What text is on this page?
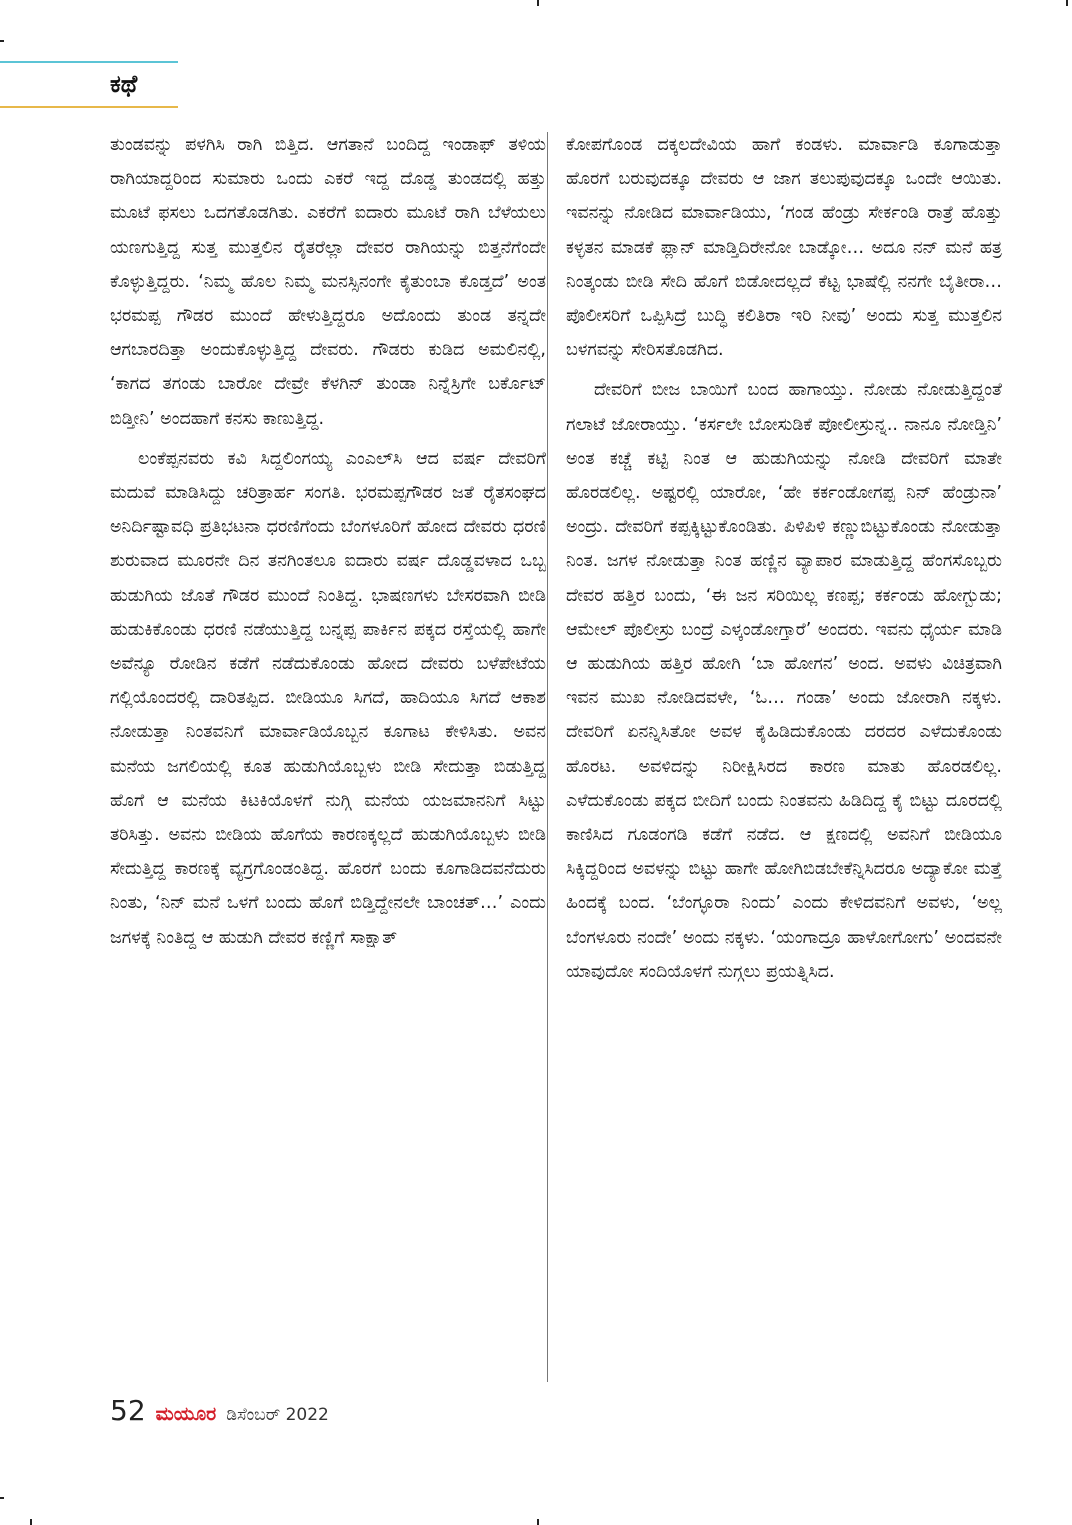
ಕಥೆ

ತುಂಡವನ್ನು ಪಳಗಿಸಿ ರಾಗಿ ಬಿತ್ತಿದ. ಆಗತಾನೆ ಬಂದಿದ್ದ ಇಂಡಾಫ್ ತಳಿಯ ರಾಗಿಯಾದ್ದರಿಂದ ಸುಮಾರು ಒಂದು ಎಕರೆ ಇದ್ದ ದೊಡ್ಡ ತುಂಡದಲ್ಲಿ ಹತ್ತು ಮೂಟೆ ಫಸಲು ಒದಗತೊಡಗಿತು. ಎಕರೆಗೆ ಐದಾರು ಮೂಟೆ ರಾಗಿ ಬೆಳೆಯಲು ಯಣಗುತ್ತಿದ್ದ ಸುತ್ತ ಮುತ್ತಲಿನ ರೈತರೆಲ್ಲಾ ದೇವರ ರಾಗಿಯನ್ನು ಬಿತ್ತನೆಗೆಂದೇ ಕೊಳ್ಳುತ್ತಿದ್ದರು. ‘ನಿಮ್ಮ ಹೊಲ ನಿಮ್ಮ ಮನಸ್ಸಿನಂಗೇ ಕೈತುಂಬಾ ಕೊಡ್ತದೆ’ ಅಂತ ಭರಮಪ್ಪ ಗೌಡರ ಮುಂದೆ ಹೇಳುತ್ತಿದ್ದರೂ ಅದೊಂದು ತುಂಡ ತನ್ನದೇ ಆಗಬಾರದಿತ್ತಾ ಅಂದುಕೊಳ್ಳುತ್ತಿದ್ದ ದೇವರು. ಗೌಡರು ಕುಡಿದ ಅಮಲಿನಲ್ಲಿ, ‘ಕಾಗದ ತಗಂಡು ಬಾರೋ ದೇವ್ರೇ ಕೆಳಗಿನ್ ತುಂಡಾ ನಿನ್ನೆಸ್ರಿಗೇ ಬರ್ಕೊಟ್ ಬಿಡ್ತೀನಿ’ ಅಂದಹಾಗೆ ಕನಸು ಕಾಣುತ್ತಿದ್ದ.

ಲಂಕೆಪ್ಪನವರು ಕವಿ ಸಿದ್ದಲಿಂಗಯ್ಯ ಎಂಎಲ್‌ಸಿ ಆದ ವರ್ಷ ದೇವರಿಗೆ ಮದುವೆ ಮಾಡಿಸಿದ್ದು ಚರಿತ್ರಾರ್ಹ ಸಂಗತಿ. ಭರಮಪ್ಪಗೌಡರ ಜತೆ ರೈತಸಂಘದ ಅನಿರ್ದಿಷ್ಟಾವಧಿ ಪ್ರತಿಭಟನಾ ಧರಣಿಗೆಂದು ಬೆಂಗಳೂರಿಗೆ ಹೋದ ದೇವರು ಧರಣಿ ಶುರುವಾದ ಮೂರನೇ ದಿನ ತನಗಿಂತಲೂ ಐದಾರು ವರ್ಷ ದೊಡ್ಡವಳಾದ ಒಬ್ಬ ಹುಡುಗಿಯ ಜೊತೆ ಗೌಡರ ಮುಂದೆ ನಿಂತಿದ್ದ. ಭಾಷಣಗಳು ಬೇಸರವಾಗಿ ಬೀಡಿ ಹುಡುಕಿಕೊಂಡು ಧರಣಿ ನಡೆಯುತ್ತಿದ್ದ ಬನ್ನಪ್ಪ ಪಾರ್ಕಿನ ಪಕ್ಕದ ರಸ್ತೆಯಲ್ಲಿ ಹಾಗೇ ಅವೆನ್ಯೂ ರೋಡಿನ ಕಡೆಗೆ ನಡೆದುಕೊಂಡು ಹೋದ ದೇವರು ಬಳೆಪೇಟೆಯ ಗಲ್ಲಿಯೊಂದರಲ್ಲಿ ದಾರಿತಪ್ಪಿದ. ಬೀಡಿಯೂ ಸಿಗದೆ, ಹಾದಿಯೂ ಸಿಗದೆ ಆಕಾಶ ನೋಡುತ್ತಾ ನಿಂತವನಿಗೆ ಮಾರ್ವಾಡಿಯೊಬ್ಬನ ಕೂಗಾಟ ಕೇಳಿಸಿತು. ಅವನ ಮನೆಯ ಜಗಲಿಯಲ್ಲಿ ಕೂತ ಹುಡುಗಿಯೊಬ್ಬಳು ಬೀಡಿ ಸೇದುತ್ತಾ ಬಿಡುತ್ತಿದ್ದ ಹೊಗೆ ಆ ಮನೆಯ ಕಿಟಕಿಯೊಳಗೆ ನುಗ್ಗಿ ಮನೆಯ ಯಜಮಾನನಿಗೆ ಸಿಟ್ಟು ತರಿಸಿತ್ತು. ಅವನು ಬೀಡಿಯ ಹೊಗೆಯ ಕಾರಣಕ್ಕಲ್ಲದೆ ಹುಡುಗಿಯೊಬ್ಬಳು ಬೀಡಿ ಸೇದುತ್ತಿದ್ದ ಕಾರಣಕ್ಕೆ ವ್ಯಗ್ರಗೊಂಡಂತಿದ್ದ. ಹೊರಗೆ ಬಂದು ಕೂಗಾಡಿದವನೆದುರು ನಿಂತು, ‘ನಿನ್ ಮನೆ ಒಳಗೆ ಬಂದು ಹೊಗೆ ಬಿಡ್ತಿದ್ದೇನಲೇ ಬಾಂಚತ್…’ ಎಂದು ಜಗಳಕ್ಕೆ ನಿಂತಿದ್ದ ಆ ಹುಡುಗಿ ದೇವರ ಕಣ್ಣಿಗೆ ಸಾಕ್ಷಾತ್

ಕೋಪಗೊಂಡ ದಕ್ಕಲದೇವಿಯ ಹಾಗೆ ಕಂಡಳು. ಮಾರ್ವಾಡಿ ಕೂಗಾಡುತ್ತಾ ಹೊರಗೆ ಬರುವುದಕ್ಕೂ ದೇವರು ಆ ಜಾಗ ತಲುಪುವುದಕ್ಕೂ ಒಂದೇ ಆಯಿತು. ಇವನನ್ನು ನೋಡಿದ ಮಾರ್ವಾಡಿಯು, ‘ಗಂಡ ಹೆಂಡ್ರು ಸೇರ್ಕಂಡಿ ರಾತ್ರೆ ಹೊತ್ತು ಕಳ್ಳತನ ಮಾಡಕೆ ಪ್ಲಾನ್ ಮಾಡ್ತಿದಿರೇನೋ ಬಾಡ್ಕೋ… ಅದೂ ನನ್ ಮನೆ ಹತ್ರ ನಿಂತ್ಕಂಡು ಬೀಡಿ ಸೇದಿ ಹೊಗೆ ಬಿಡೋದಲ್ಲದೆ ಕೆಟ್ಟ ಭಾಷೆಲ್ಲಿ ನನಗೇ ಬೈತೀರಾ… ಪೊಲೀಸರಿಗೆ ಒಪ್ಪಿಸಿದ್ರೆ ಬುದ್ಧಿ ಕಲಿತಿರಾ ಇರಿ ನೀವು’ ಅಂದು ಸುತ್ತ ಮುತ್ತಲಿನ ಬಳಗವನ್ನು ಸೇರಿಸತೊಡಗಿದ.

ದೇವರಿಗೆ ಬೀಜ ಬಾಯಿಗೆ ಬಂದ ಹಾಗಾಯ್ತು. ನೋಡು ನೋಡುತ್ತಿದ್ದಂತೆ ಗಲಾಟೆ ಜೋರಾಯ್ತು. ‘ಕರ್ಸಲೇ ಬೋಸುಡಿಕೆ ಪೋಲೀಸ್ರುನ್ನ.. ನಾನೂ ನೋಡ್ತಿನಿ’ ಅಂತ ಕಚ್ಚೆ ಕಟ್ಟಿ ನಿಂತ ಆ ಹುಡುಗಿಯನ್ನು ನೋಡಿ ದೇವರಿಗೆ ಮಾತೇ ಹೊರಡಲಿಲ್ಲ. ಅಷ್ಟರಲ್ಲಿ ಯಾರೋ, ‘ಹೇ ಕರ್ಕಂಡೋಗಪ್ಪ ನಿನ್ ಹೆಂಡ್ರುನಾ’ ಅಂದ್ರು. ದೇವರಿಗೆ ಕಪ್ಪಕ್ಕಿಟ್ಟುಕೊಂಡಿತು. ಪಿಳಿಪಿಳಿ ಕಣ್ಣುಬಿಟ್ಟುಕೊಂಡು ನೋಡುತ್ತಾ ನಿಂತ. ಜಗಳ ನೋಡುತ್ತಾ ನಿಂತ ಹಣ್ಣಿನ ವ್ಯಾಪಾರ ಮಾಡುತ್ತಿದ್ದ ಹೆಂಗಸೊಬ್ಬರು ದೇವರ ಹತ್ತಿರ ಬಂದು, ‘ಈ ಜನ ಸರಿಯಿಲ್ಲ ಕಣಪ್ಪ; ಕರ್ಕಂಡು ಹೋಗ್ಬುಡು; ಆಮೇಲ್ ಪೊಲೀಸ್ರು ಬಂದ್ರೆ ಎಳ್ಕಂಡೋಗ್ತಾರೆ’ ಅಂದರು. ಇವನು ಧೈರ್ಯ ಮಾಡಿ ಆ ಹುಡುಗಿಯ ಹತ್ತಿರ ಹೋಗಿ ‘ಬಾ ಹೋಗನ’ ಅಂದ. ಅವಳು ವಿಚಿತ್ರವಾಗಿ ಇವನ ಮುಖ ನೋಡಿದವಳೇ, ‘ಓ… ಗಂಡಾ’ ಅಂದು ಜೋರಾಗಿ ನಕ್ಕಳು. ದೇವರಿಗೆ ಏನನ್ನಿಸಿತೋ ಅವಳ ಕೈಹಿಡಿದುಕೊಂಡು ದರದರ ಎಳೆದುಕೊಂಡು ಹೊರಟ. ಅವಳಿದನ್ನು ನಿರೀಕ್ಷಿಸಿರದ ಕಾರಣ ಮಾತು ಹೊರಡಲಿಲ್ಲ. ಎಳೆದುಕೊಂಡು ಪಕ್ಕದ ಬೀದಿಗೆ ಬಂದು ನಿಂತವನು ಹಿಡಿದಿದ್ದ ಕೈ ಬಿಟ್ಟು ದೂರದಲ್ಲಿ ಕಾಣಿಸಿದ ಗೂಡಂಗಡಿ ಕಡೆಗೆ ನಡೆದ. ಆ ಕ್ಷಣದಲ್ಲಿ ಅವನಿಗೆ ಬೀಡಿಯೂ ಸಿಕ್ಕಿದ್ದರಿಂದ ಅವಳನ್ನು ಬಿಟ್ಟು ಹಾಗೇ ಹೋಗಿಬಿಡಬೇಕೆನ್ನಿಸಿದರೂ ಅದ್ಯಾಕೋ ಮತ್ತೆ ಹಿಂದಕ್ಕೆ ಬಂದ. ‘ಬೆಂಗ್ಳೂರಾ ನಿಂದು’ ಎಂದು ಕೇಳಿದವನಿಗೆ ಅವಳು, ‘ಅಲ್ಲ ಬೆಂಗಳೂರು ನಂದೇ’ ಅಂದು ನಕ್ಕಳು. ‘ಯಂಗಾದ್ರೂ ಹಾಳೋಗೋಗು’ ಅಂದವನೇ ಯಾವುದೋ ಸಂದಿಯೊಳಗೆ ನುಗ್ಗಲು ಪ್ರಯತ್ನಿಸಿದ.

52 ಮಯೂರ ಡಿಸೆಂಬರ್ 2022
